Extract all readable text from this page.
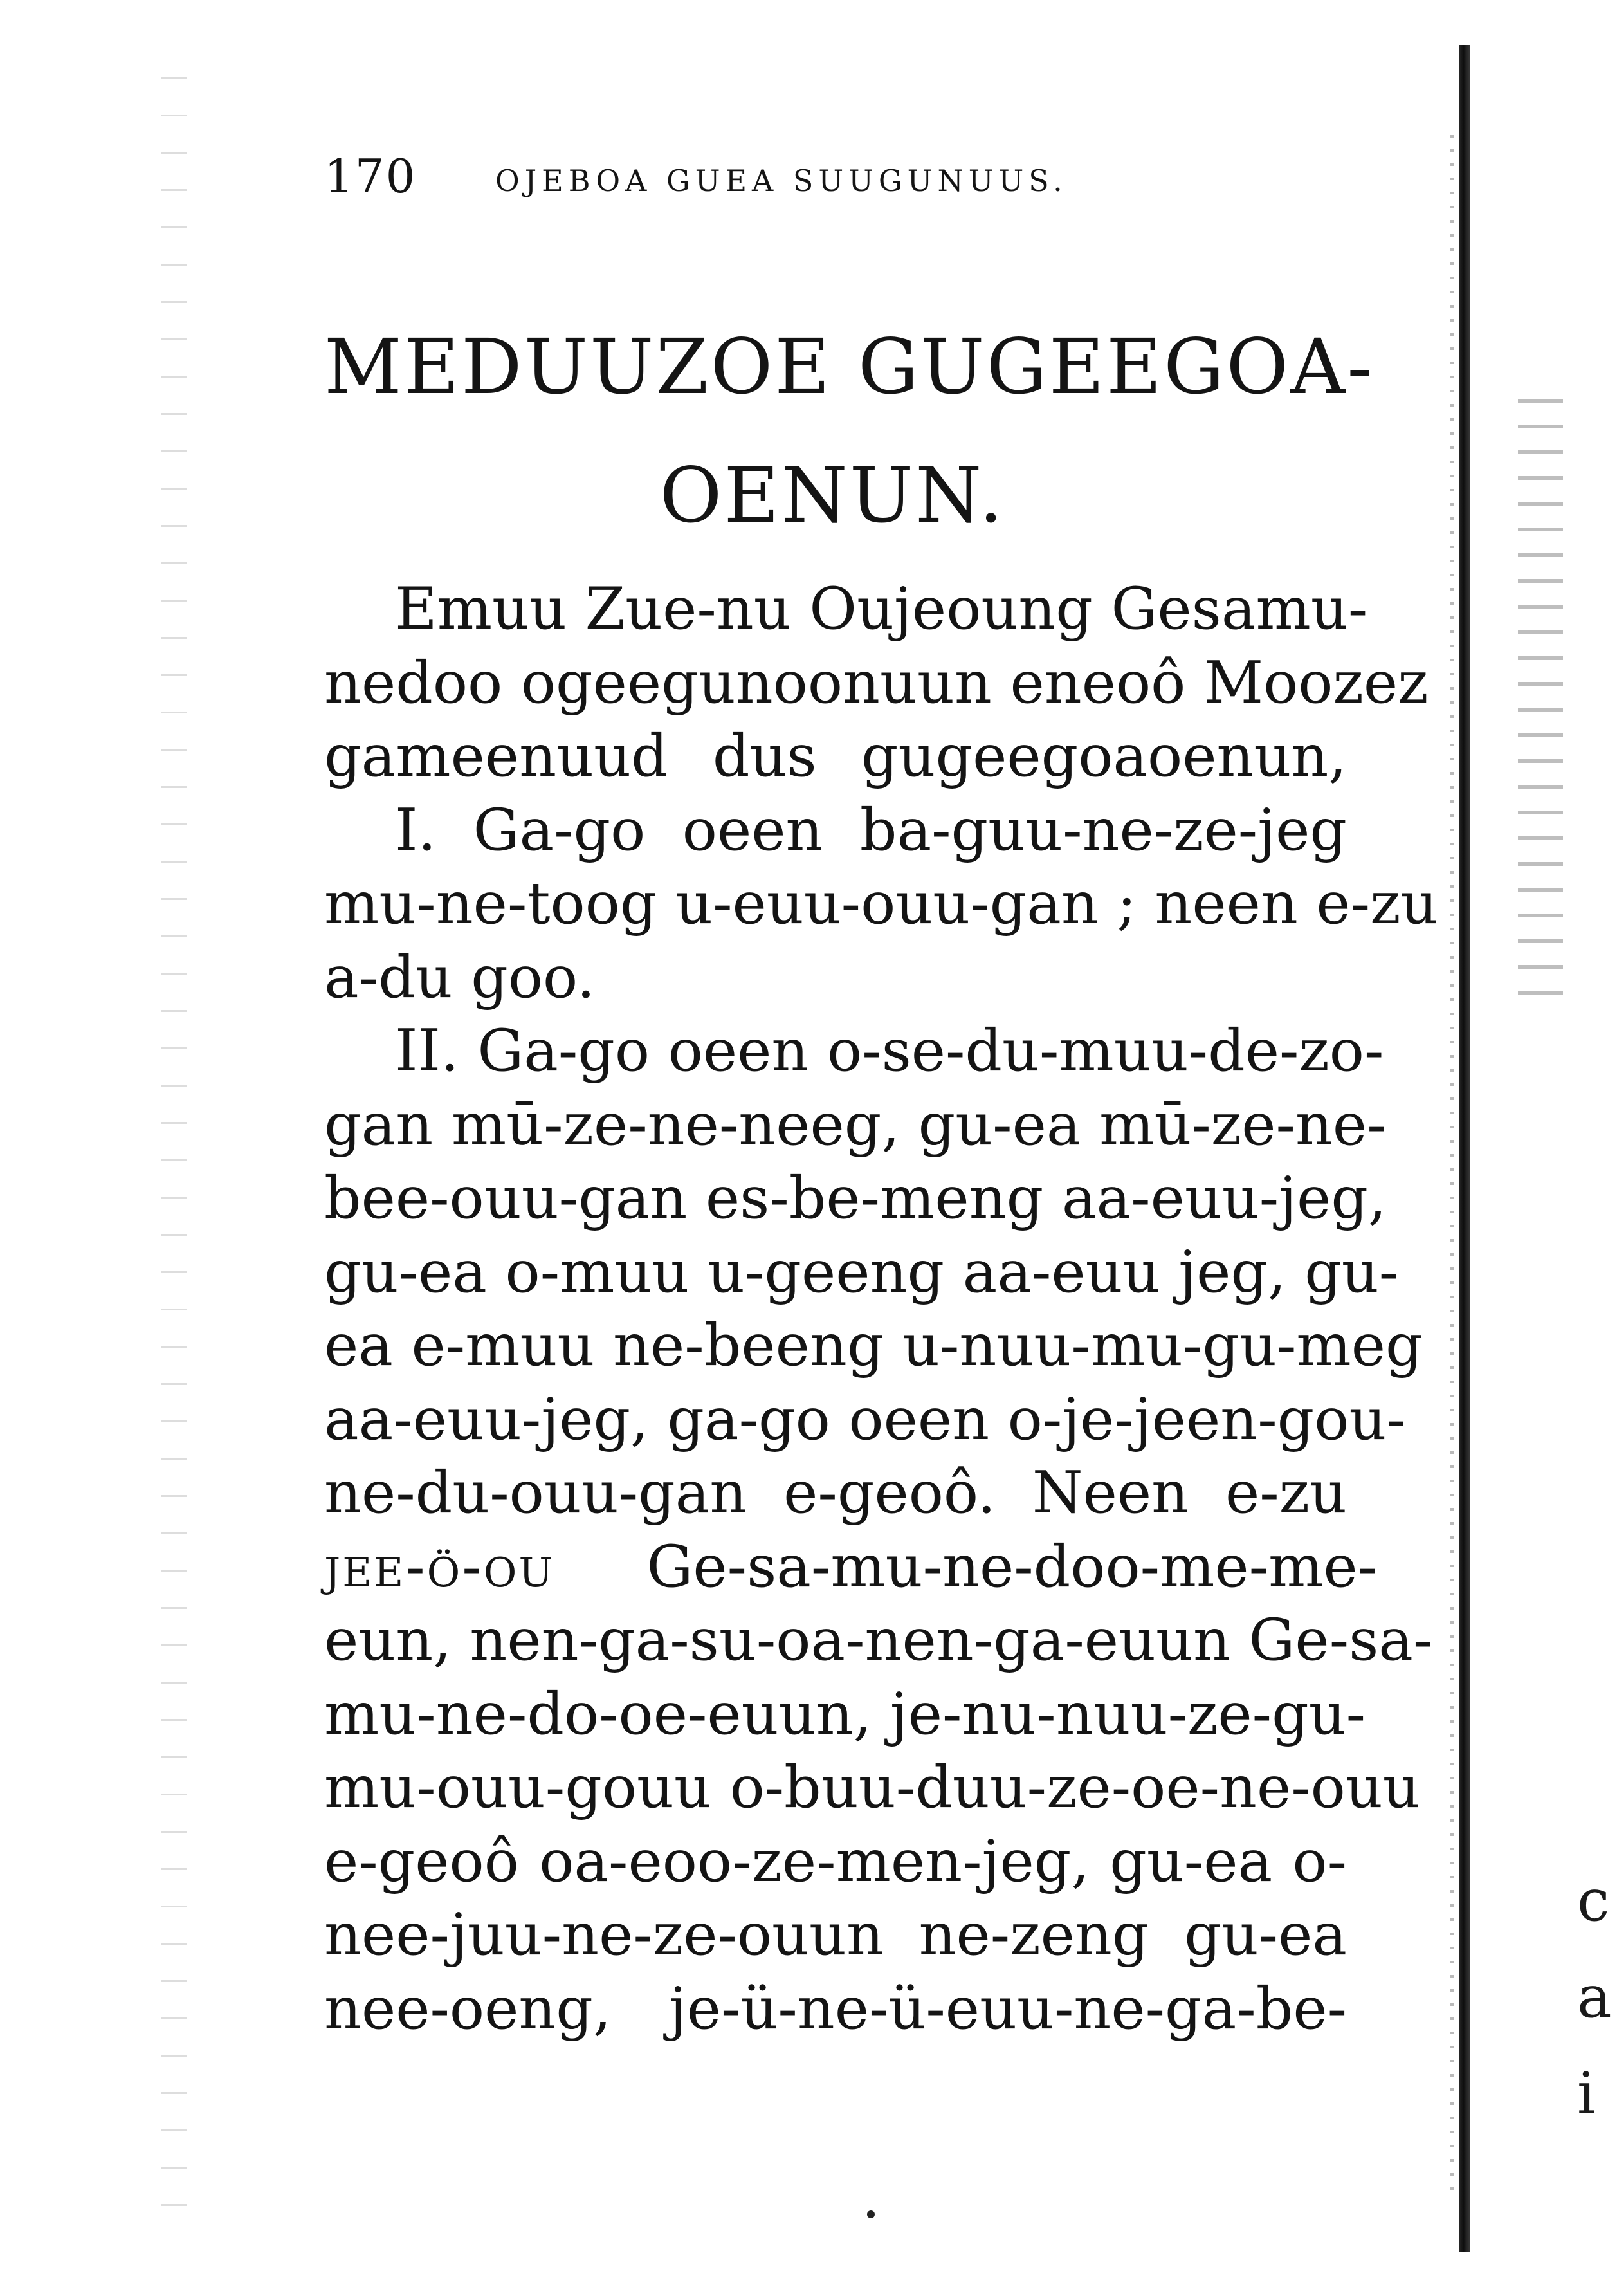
c
a
i
170	OJEBOA GUEA SUUGUNUUS.
MEDUUZOE GUGEEGOA-
OENUN.
Emuu Zue-nu Oujeoung Gesamu-
nedoo ogeegunoonuun eneoô Moozez
gameenuud dus gugeegoaoenun,
I. Ga-go oeen ba-guu-ne-ze-jeg
mu-ne-toog u-euu-ouu-gan ; neen e-zu
a-du goo.
II. Ga-go oeen o-se-du-muu-de-zo-
gan mū-ze-ne-neeg, gu-ea mū-ze-ne-
bee-ouu-gan es-be-meng aa-euu-jeg,
gu-ea o-muu u-geeng aa-euu jeg, gu-
ea e-muu ne-beeng u-nuu-mu-gu-meg
aa-euu-jeg, ga-go oeen o-je-jeen-gou-
ne-du-ouu-gan e-geoô. Neen e-zu
jee-ö-ou Ge-sa-mu-ne-doo-me-me-
eun, nen-ga-su-oa-nen-ga-euun Ge-sa-
mu-ne-do-oe-euun, je-nu-nuu-ze-gu-
mu-ouu-gouu o-buu-duu-ze-oe-ne-ouu
e-geoô oa-eoo-ze-men-jeg, gu-ea o-
nee-juu-ne-ze-ouun ne-zeng gu-ea
nee-oeng, je-ü-ne-ü-euu-ne-ga-be-
